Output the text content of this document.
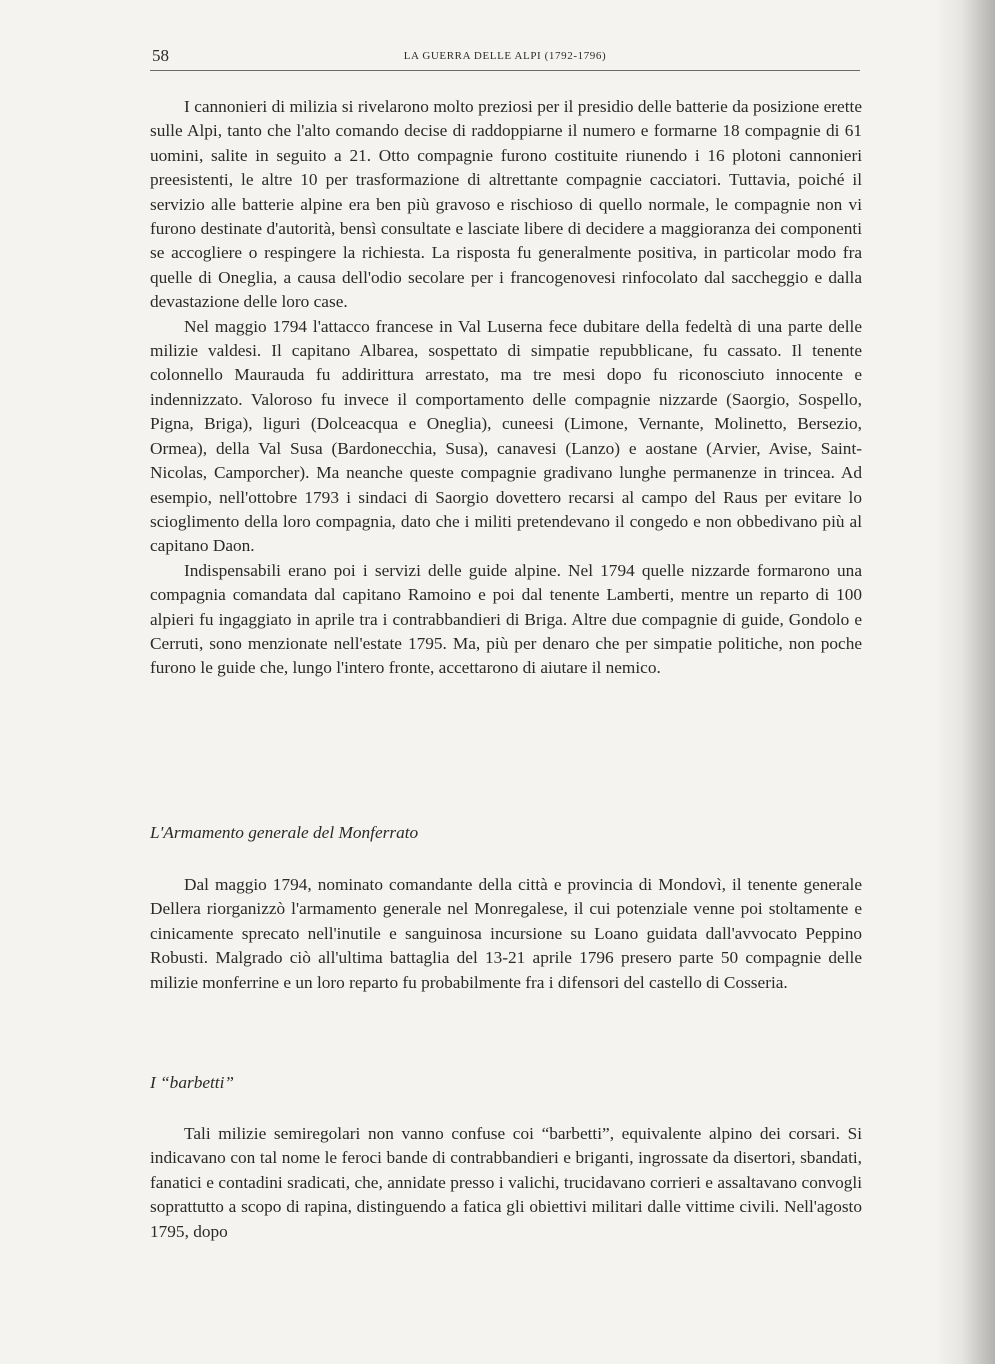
58	LA GUERRA DELLE ALPI (1792-1796)

I cannonieri di milizia si rivelarono molto preziosi per il presidio delle batterie da posizione erette sulle Alpi, tanto che l'alto comando decise di raddoppiarne il numero e formarne 18 compagnie di 61 uomini, salite in seguito a 21. Otto compagnie furono costituite riunendo i 16 plotoni cannonieri preesistenti, le altre 10 per trasformazione di altrettante compagnie cacciatori. Tuttavia, poiché il servizio alle batterie alpine era ben più gravoso e rischioso di quello normale, le compagnie non vi furono destinate d'autorità, bensì consultate e lasciate libere di decidere a maggioranza dei componenti se accogliere o respingere la richiesta. La risposta fu generalmente positiva, in particolar modo fra quelle di Oneglia, a causa dell'odio secolare per i francogenovesi rinfocolato dal saccheggio e dalla devastazione delle loro case.

Nel maggio 1794 l'attacco francese in Val Luserna fece dubitare della fedeltà di una parte delle milizie valdesi. Il capitano Albarea, sospettato di simpatie repubblicane, fu cassato. Il tenente colonnello Maurauda fu addirittura arrestato, ma tre mesi dopo fu riconosciuto innocente e indennizzato. Valoroso fu invece il comportamento delle compagnie nizzarde (Saorgio, Sospello, Pigna, Briga), liguri (Dolceacqua e Oneglia), cuneesi (Limone, Vernante, Molinetto, Bersezio, Ormea), della Val Susa (Bardonecchia, Susa), canavesi (Lanzo) e aostane (Arvier, Avise, Saint-Nicolas, Camporcher). Ma neanche queste compagnie gradivano lunghe permanenze in trincea. Ad esempio, nell'ottobre 1793 i sindaci di Saorgio dovettero recarsi al campo del Raus per evitare lo scioglimento della loro compagnia, dato che i militi pretendevano il congedo e non obbedivano più al capitano Daon.

Indispensabili erano poi i servizi delle guide alpine. Nel 1794 quelle nizzarde formarono una compagnia comandata dal capitano Ramoino e poi dal tenente Lamberti, mentre un reparto di 100 alpieri fu ingaggiato in aprile tra i contrabbandieri di Briga. Altre due compagnie di guide, Gondolo e Cerruti, sono menzionate nell'estate 1795. Ma, più per denaro che per simpatie politiche, non poche furono le guide che, lungo l'intero fronte, accettarono di aiutare il nemico.

L'Armamento generale del Monferrato

Dal maggio 1794, nominato comandante della città e provincia di Mondovì, il tenente generale Dellera riorganizzò l'armamento generale nel Monregalese, il cui potenziale venne poi stoltamente e cinicamente sprecato nell'inutile e sanguinosa incursione su Loano guidata dall'avvocato Peppino Robusti. Malgrado ciò all'ultima battaglia del 13-21 aprile 1796 presero parte 50 compagnie delle milizie monferrine e un loro reparto fu probabilmente fra i difensori del castello di Cosseria.

I “barbetti”

Tali milizie semiregolari non vanno confuse coi “barbetti”, equivalente alpino dei corsari. Si indicavano con tal nome le feroci bande di contrabbandieri e briganti, ingrossate da disertori, sbandati, fanatici e contadini sradicati, che, annidate presso i valichi, trucidavano corrieri e assaltavano convogli soprattutto a scopo di rapina, distinguendo a fatica gli obiettivi militari dalle vittime civili. Nell'agosto 1795, dopo
